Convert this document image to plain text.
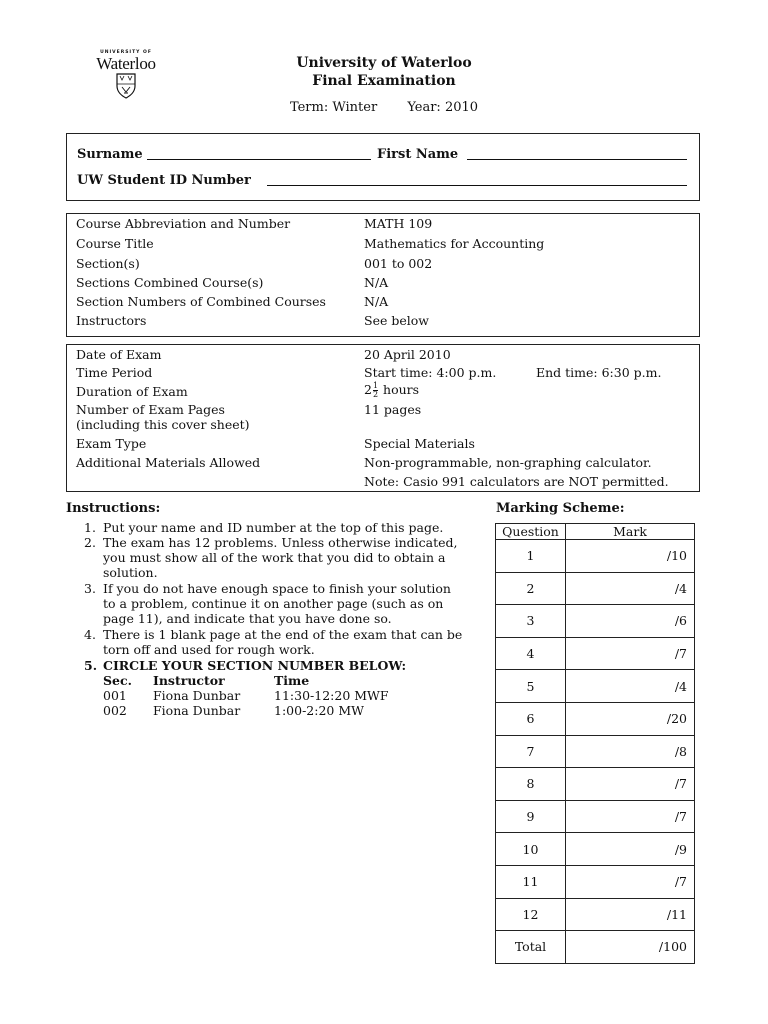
UNIVERSITY OF
Waterloo	University of Waterloo
Final Examination
Term: Winter Year: 2010
Surname	First Name
UW Student ID Number
Course Abbreviation and Number	MATH 109
Course Title	Mathematics for Accounting
Section(s)	001 to 002
Sections Combined Course(s)	N/A
Section Numbers of Combined Courses	N/A
Instructors	See below
Date of Exam	20 April 2010
Time Period	Start time: 4:00 p.m.	End time: 6:30 p.m.
Duration of Exam	$2 \frac{1}{2}$ hours
Number of Exam Pages	11 pages
(including this cover sheet)
Exam Type	Special Materials
Additional Materials Allowed	Non-programmable, non-graphing calculator.
Note: Casio 991 calculators are NOT permitted.
Instructions:
1. Put your name and ID number at the top of this page.
2. The exam has 12 problems. Unless otherwise indicated,
you must show all of the work that you did to obtain a
solution.
3. If you do not have enough space to finish your solution
to a problem, continue it on another page (such as on
page 11), and indicate that you have done so.
4. There is 1 blank page at the end of the exam that can be
torn off and used for rough work.
5. CIRCLE YOUR SECTION NUMBER BELOW:
Sec. Instructor	Time
001 Fiona Dunbar	11:30-12:20 MWF
002 Fiona Dunbar	1:00-2:20 MW
Marking Scheme:
Question	Mark
1	/10
2	/4
3	/6
4	/7
5	/4
6	/20
7	/8
8	/7
9	/7
10	/9
11	/7
12	/11
Total	/100
